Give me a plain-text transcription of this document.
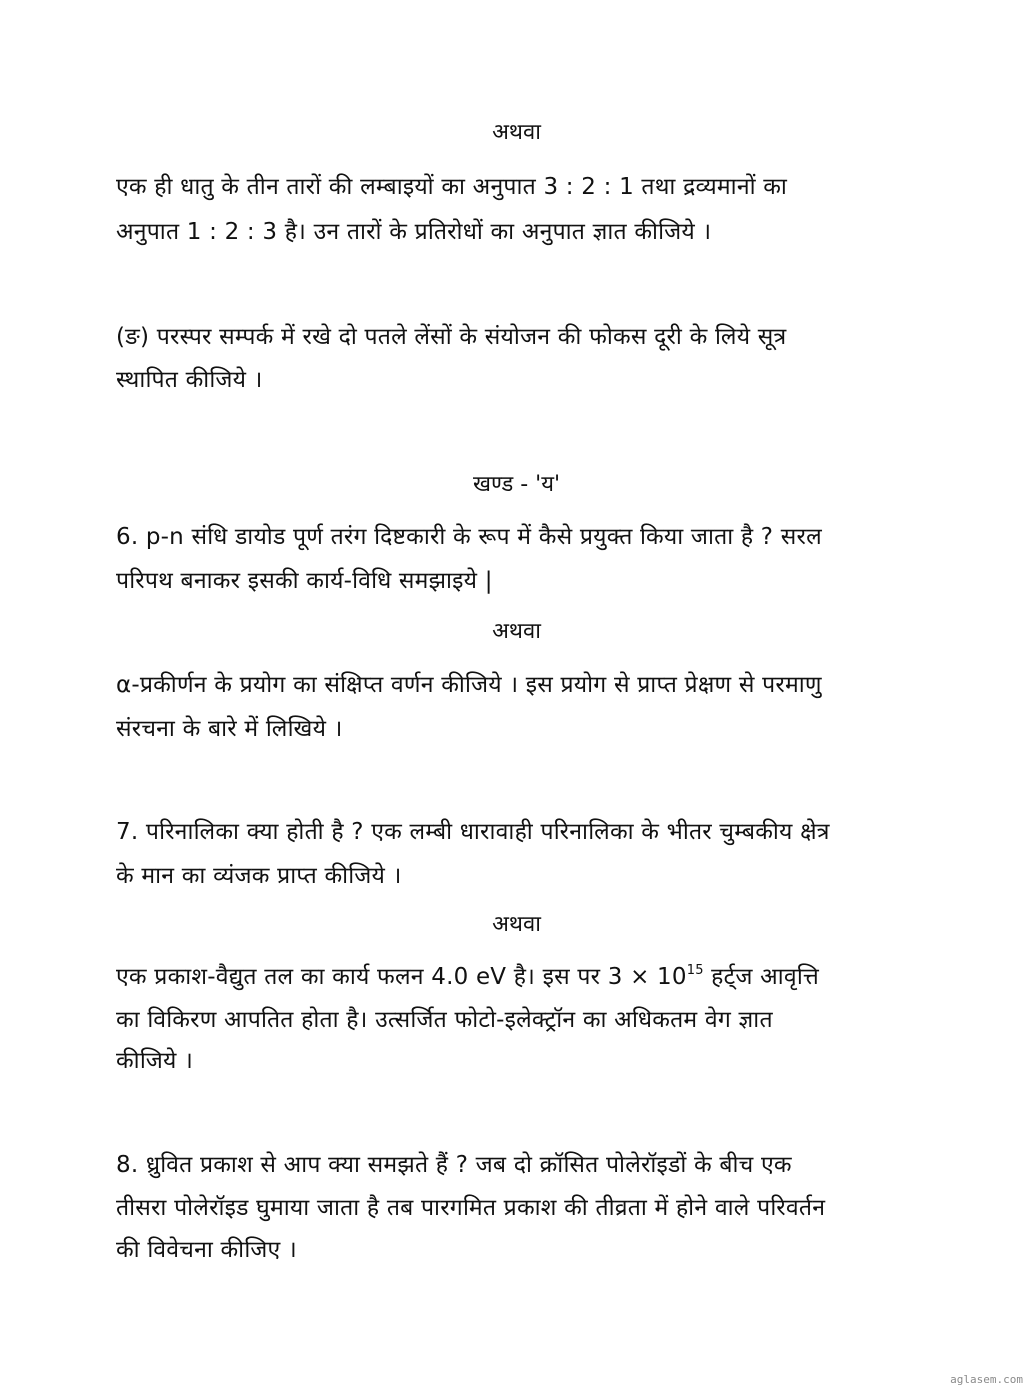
अथवा
एक ही धातु के तीन तारों की लम्बाइयों का अनुपात 3 : 2 : 1 तथा द्रव्यमानों का
अनुपात 1 : 2 : 3 है। उन तारों के प्रतिरोधों का अनुपात ज्ञात कीजिये ।
(ङ) परस्पर सम्पर्क में रखे दो पतले लेंसों के संयोजन की फोकस दूरी के लिये सूत्र
स्थापित कीजिये ।
खण्ड - 'य'
6. p-n संधि डायोड पूर्ण तरंग दिष्टकारी के रूप में कैसे प्रयुक्त किया जाता है ? सरल
परिपथ बनाकर इसकी कार्य-विधि समझाइये |
अथवा
α-प्रकीर्णन के प्रयोग का संक्षिप्त वर्णन कीजिये । इस प्रयोग से प्राप्त प्रेक्षण से परमाणु
संरचना के बारे में लिखिये ।
7. परिनालिका क्या होती है ? एक लम्बी धारावाही परिनालिका के भीतर चुम्बकीय क्षेत्र
के मान का व्यंजक प्राप्त कीजिये ।
अथवा
एक प्रकाश-वैद्युत तल का कार्य फलन 4.0 eV है। इस पर $3 \times 10^{15}$ हर्ट्ज आवृत्ति
का विकिरण आपतित होता है। उत्सर्जित फोटो-इलेक्ट्रॉन का अधिकतम वेग ज्ञात
कीजिये ।
8. ध्रुवित प्रकाश से आप क्या समझते हैं ? जब दो क्रॉसित पोलेरॉइडों के बीच एक
तीसरा पोलेरॉइड घुमाया जाता है तब पारगमित प्रकाश की तीव्रता में होने वाले परिवर्तन
की विवेचना कीजिए ।
aglasem.com
